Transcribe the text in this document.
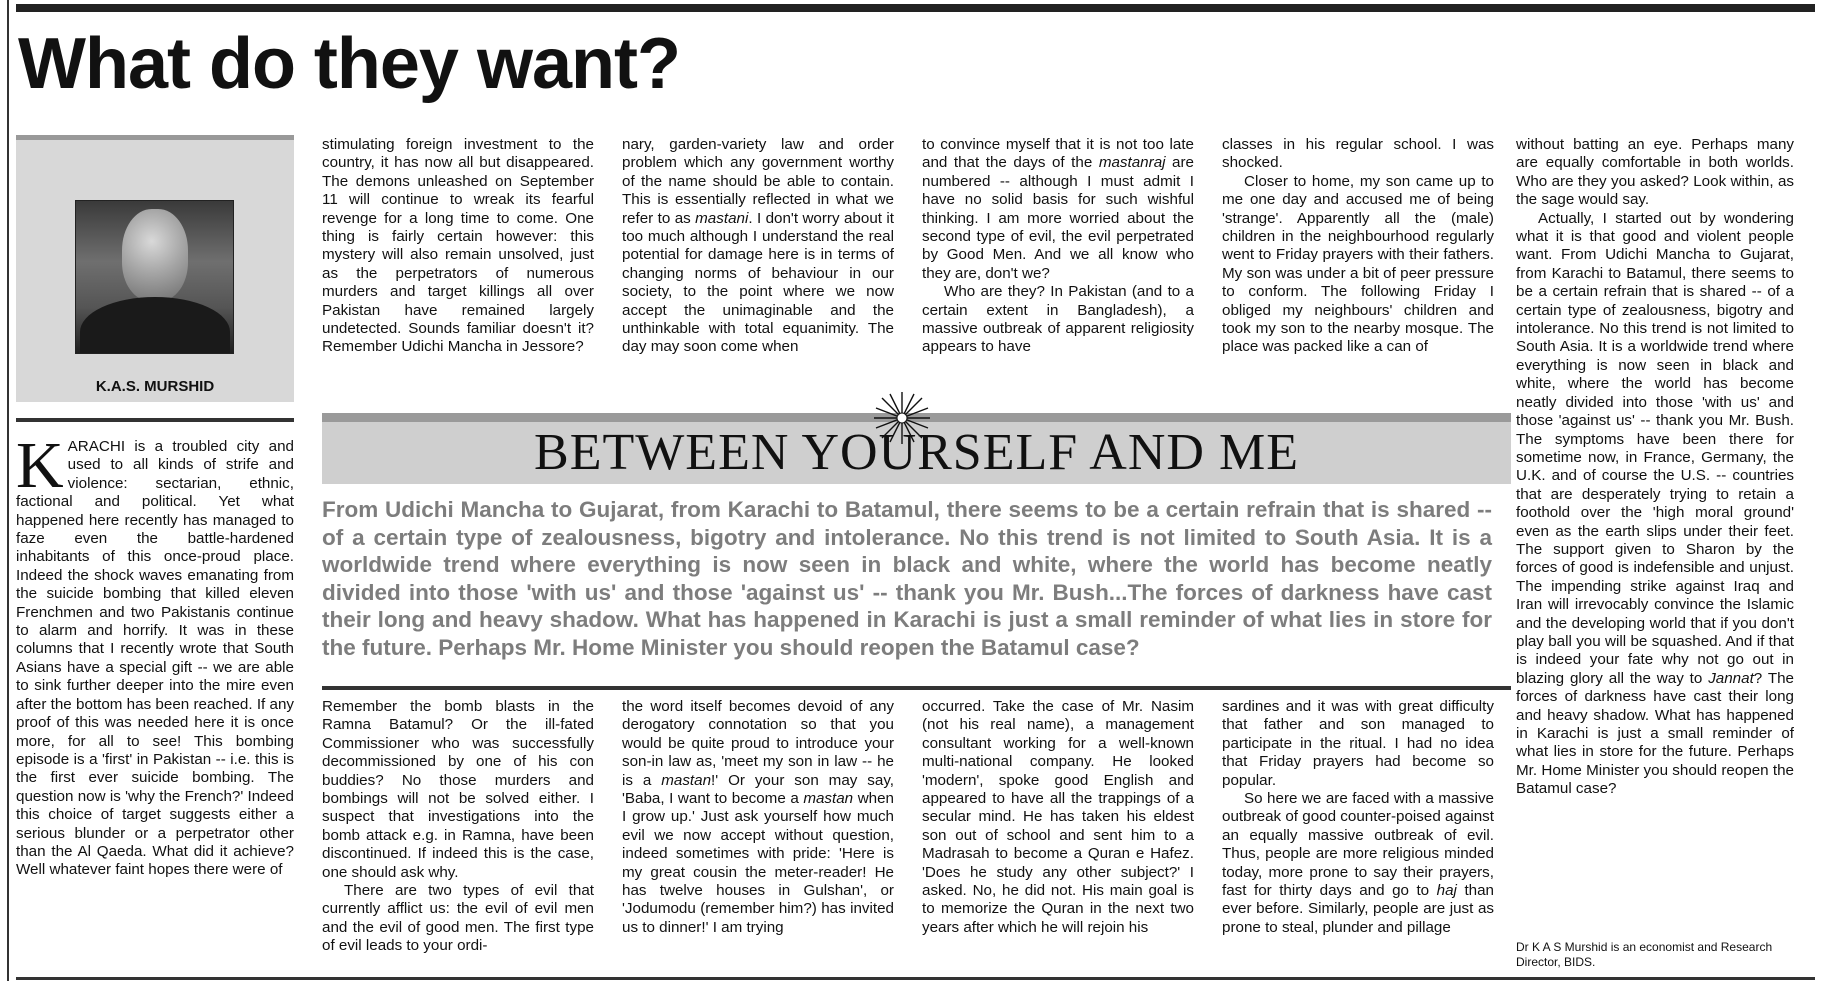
What do they want?
K.A.S. MURSHID

KARACHI is a troubled city and used to all kinds of strife and violence: sectarian, ethnic, factional and political. Yet what happened here recently has managed to faze even the battle-hardened inhabitants of this once-proud place. Indeed the shock waves emanating from the suicide bombing that killed eleven Frenchmen and two Pakistanis continue to alarm and horrify. It was in these columns that I recently wrote that South Asians have a special gift -- we are able to sink further deeper into the mire even after the bottom has been reached. If any proof of this was needed here it is once more, for all to see! This bombing episode is a 'first' in Pakistan -- i.e. this is the first ever suicide bombing. The question now is 'why the French?' Indeed this choice of target suggests either a serious blunder or a perpetrator other than the Al Qaeda. What did it achieve? Well whatever faint hopes there were of

stimulating foreign investment to the country, it has now all but disappeared. The demons unleashed on September 11 will continue to wreak its fearful revenge for a long time to come. One thing is fairly certain however: this mystery will also remain unsolved, just as the perpetrators of numerous murders and target killings all over Pakistan have remained largely undetected. Sounds familiar doesn't it? Remember Udichi Mancha in Jessore?

nary, garden-variety law and order problem which any government worthy of the name should be able to contain. This is essentially reflected in what we refer to as mastani. I don't worry about it too much although I understand the real potential for damage here is in terms of changing norms of behaviour in our society, to the point where we now accept the unimaginable and the unthinkable with total equanimity. The day may soon come when

to convince myself that it is not too late and that the days of the mastanraj are numbered -- although I must admit I have no solid basis for such wishful thinking. I am more worried about the second type of evil, the evil perpetrated by Good Men. And we all know who they are, don't we?

Who are they? In Pakistan (and to a certain extent in Bangladesh), a massive outbreak of apparent religiosity appears to have

classes in his regular school. I was shocked.

Closer to home, my son came up to me one day and accused me of being 'strange'. Apparently all the (male) children in the neighbourhood regularly went to Friday prayers with their fathers. My son was under a bit of peer pressure to conform. The following Friday I obliged my neighbours' children and took my son to the nearby mosque. The place was packed like a can of

BETWEEN YOURSELF AND ME
From Udichi Mancha to Gujarat, from Karachi to Batamul, there seems to be a certain refrain that is shared -- of a certain type of zealousness, bigotry and intolerance. No this trend is not limited to South Asia. It is a worldwide trend where everything is now seen in black and white, where the world has become neatly divided into those 'with us' and those 'against us' -- thank you Mr. Bush...The forces of darkness have cast their long and heavy shadow. What has happened in Karachi is just a small reminder of what lies in store for the future. Perhaps Mr. Home Minister you should reopen the Batamul case?

Remember the bomb blasts in the Ramna Batamul? Or the ill-fated Commissioner who was successfully decommissioned by one of his con buddies? No those murders and bombings will not be solved either. I suspect that investigations into the bomb attack e.g. in Ramna, have been discontinued. If indeed this is the case, one should ask why.

There are two types of evil that currently afflict us: the evil of evil men and the evil of good men. The first type of evil leads to your ordi-

the word itself becomes devoid of any derogatory connotation so that you would be quite proud to introduce your son-in law as, 'meet my son in law -- he is a mastan!' Or your son may say, 'Baba, I want to become a mastan when I grow up.' Just ask yourself how much evil we now accept without question, indeed sometimes with pride: 'Here is my great cousin the meter-reader! He has twelve houses in Gulshan', or 'Jodumodu (remember him?) has invited us to dinner!' I am trying

occurred. Take the case of Mr. Nasim (not his real name), a management consultant working for a well-known multi-national company. He looked 'modern', spoke good English and appeared to have all the trappings of a secular mind. He has taken his eldest son out of school and sent him to a Madrasah to become a Quran e Hafez. 'Does he study any other subject?' I asked. No, he did not. His main goal is to memorize the Quran in the next two years after which he will rejoin his

sardines and it was with great difficulty that father and son managed to participate in the ritual. I had no idea that Friday prayers had become so popular.

So here we are faced with a massive outbreak of good counter-poised against an equally massive outbreak of evil. Thus, people are more religious minded today, more prone to say their prayers, fast for thirty days and go to haj than ever before. Similarly, people are just as prone to steal, plunder and pillage

without batting an eye. Perhaps many are equally comfortable in both worlds. Who are they you asked? Look within, as the sage would say.

Actually, I started out by wondering what it is that good and violent people want. From Udichi Mancha to Gujarat, from Karachi to Batamul, there seems to be a certain refrain that is shared -- of a certain type of zealousness, bigotry and intolerance. No this trend is not limited to South Asia. It is a worldwide trend where everything is now seen in black and white, where the world has become neatly divided into those 'with us' and those 'against us' -- thank you Mr. Bush. The symptoms have been there for sometime now, in France, Germany, the U.K. and of course the U.S. -- countries that are desperately trying to retain a foothold over the 'high moral ground' even as the earth slips under their feet. The support given to Sharon by the forces of good is indefensible and unjust. The impending strike against Iraq and Iran will irrevocably convince the Islamic and the developing world that if you don't play ball you will be squashed. And if that is indeed your fate why not go out in blazing glory all the way to Jannat? The forces of darkness have cast their long and heavy shadow. What has happened in Karachi is just a small reminder of what lies in store for the future. Perhaps Mr. Home Minister you should reopen the Batamul case?

Dr K A S Murshid is an economist and Research Director, BIDS.
